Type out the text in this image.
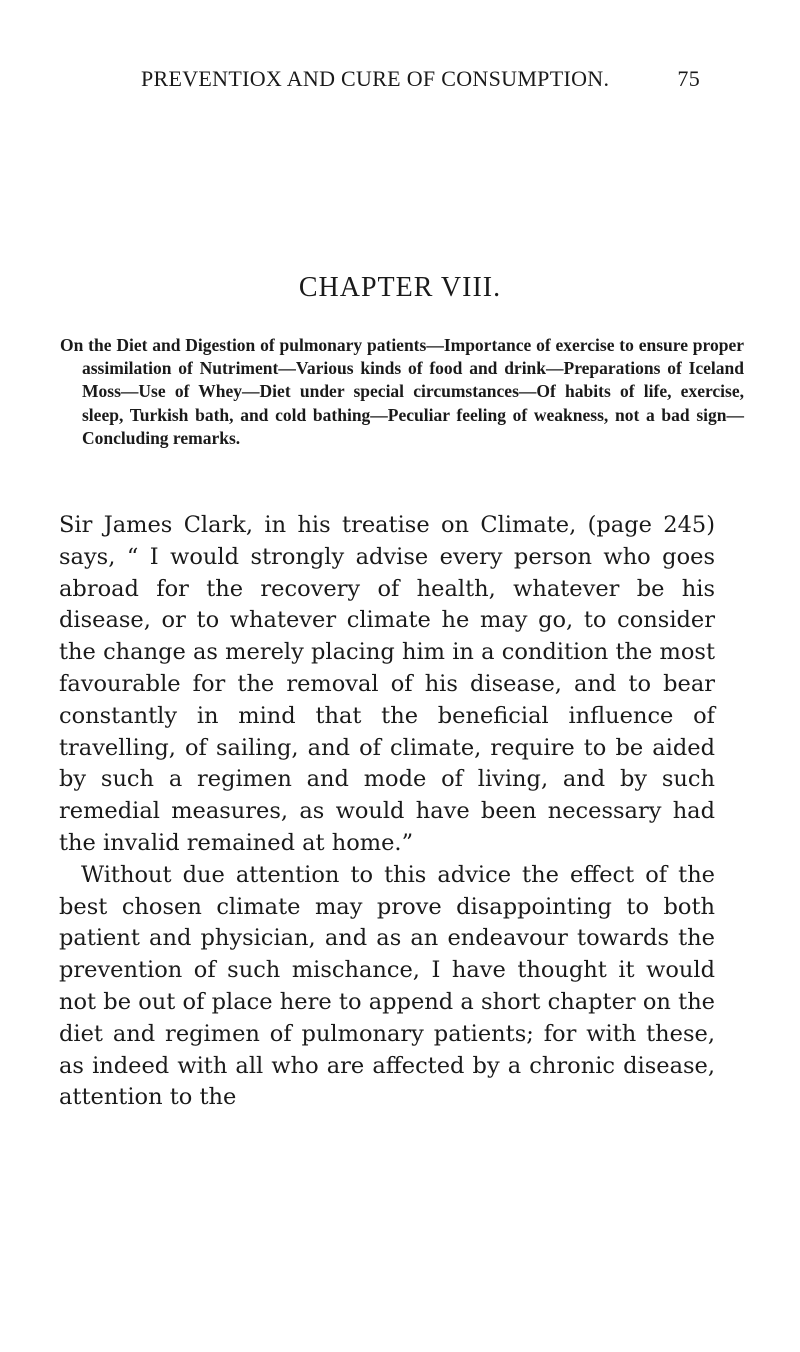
PREVENTIOX AND CURE OF CONSUMPTION.	75
CHAPTER VIII.
On the Diet and Digestion of pulmonary patients—Importance of exercise to ensure proper assimilation of Nutriment—Various kinds of food and drink—Preparations of Iceland Moss—Use of Whey—Diet under special circumstances—Of habits of life, exercise, sleep, Turkish bath, and cold bathing—Peculiar feeling of weakness, not a bad sign—Concluding remarks.

Sir James Clark, in his treatise on Climate, (page 245) says, “ I would strongly advise every person who goes abroad for the recovery of health, whatever be his disease, or to whatever climate he may go, to consider the change as merely placing him in a condition the most favourable for the removal of his disease, and to bear constantly in mind that the beneficial influence of travelling, of sailing, and of climate, require to be aided by such a regimen and mode of living, and by such remedial measures, as would have been necessary had the invalid remained at home.”

Without due attention to this advice the effect of the best chosen climate may prove disappointing to both patient and physician, and as an endeavour towards the prevention of such mischance, I have thought it would not be out of place here to append a short chapter on the diet and regimen of pulmonary patients; for with these, as indeed with all who are affected by a chronic disease, attention to the
